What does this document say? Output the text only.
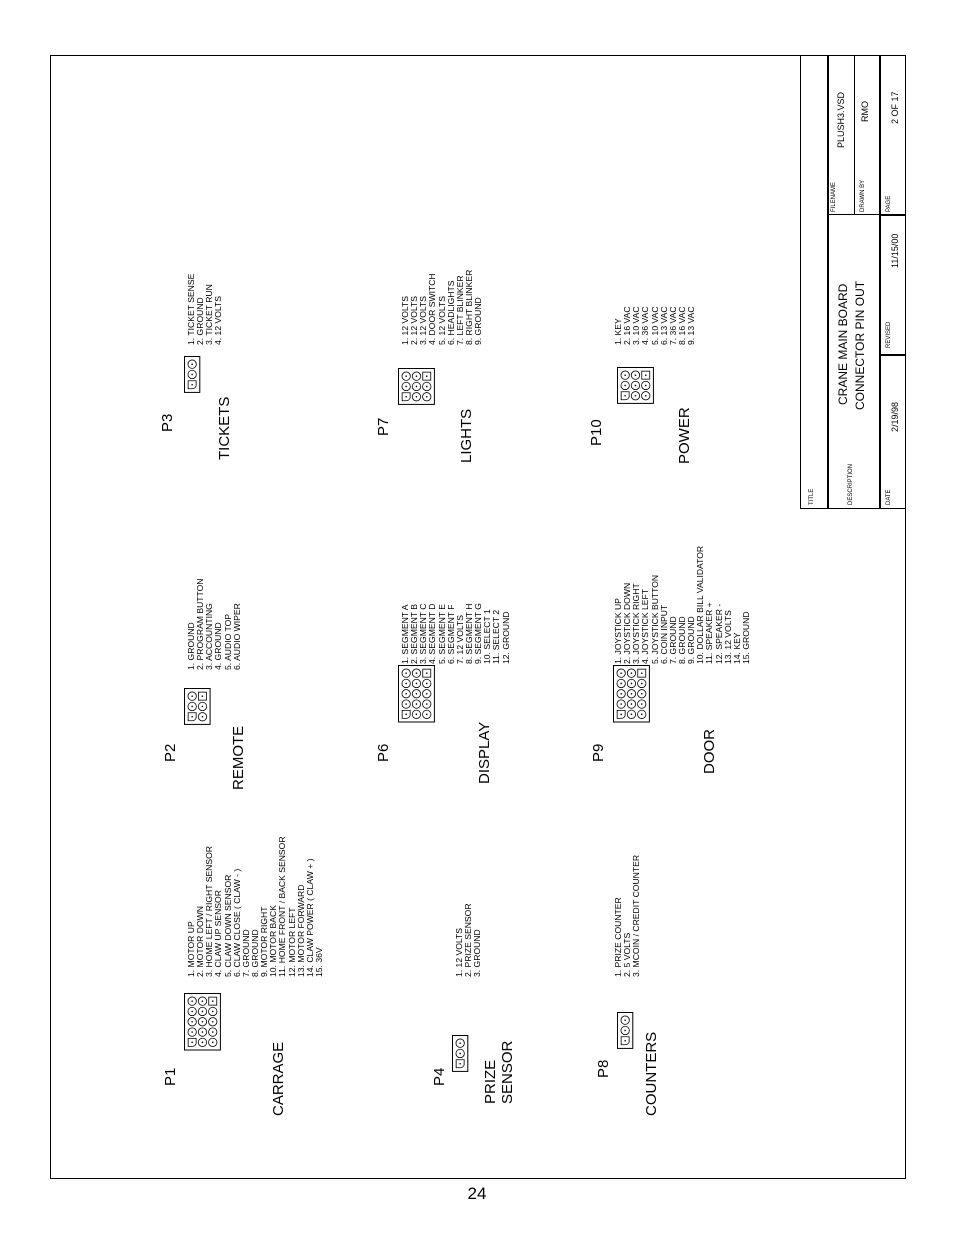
P1	CARRAGE
1. MOTOR UP 2. MOTOR DOWN 3. HOME LEFT / RIGHT SENSOR 4. CLAW UP SENSOR 5. CLAW DOWN SENSOR 6. CLAW CLOSE ( CLAW - ) 7. GROUND 8. GROUND 9. MOTOR RIGHT 10. MOTOR BACK 11. HOME FRONT / BACK SENSOR 12. MOTOR LEFT 13. MOTOR FORWARD 14. CLAW POWER ( CLAW + ) 15. 36V
P2	REMOTE
1. GROUND 2. PROGRAM BUTTON 3. ACCOUNTING 4. GROUND 5. AUDIO TOP 6. AUDIO WIPER
P3	TICKETS
1. TICKET SENSE 2. GROUND 3. TICKET RUN 4. 12 VOLTS
P4 PRIZE SENSOR
1. 12 VOLTS 2. PRIZE SENSOR 3. GROUND
P6	DISPLAY
1. SEGMENT A 2. SEGMENT B 3. SEGMENT C 4. SEGMENT D 5. SEGMENT E 6. SEGMENT F 7. 12 VOLTS 8. SEGMENT H 9. SEGMENT G 10. SELECT 1 11. SELECT 2 12. GROUND
P7	LIGHTS
1. 12 VOLTS 2. 12 VOLTS 3. 12 VOLTS 4. DOOR SWITCH 5. 12 VOLTS 6. HEADLIGHTS 7. LEFT BLINKER 8. RIGHT BLINKER 9. GROUND
P8 COUNTERS
1. PRIZE COUNTER 2. 5 VOLTS 3. MCOIN / CREDIT COUNTER
P9	DOOR
1. JOYSTICK UP 2. JOYSTICK DOWN 3. JOYSTICK RIGHT 4. JOYSTICK LEFT 5. JOYSTICK BUTTON 6. COIN INPUT 7. GROUND 8. GROUND 9. GROUND 10. DOLLAR BILL VALIDATOR 11. SPEAKER + 12. SPEAKER - 13. 12 VOLTS 14. KEY 15. GROUND
P10	POWER
1. KEY 2. 16 VAC 3. 10 VAC 4. 36 VAC 5. 10 VAC 6. 13 VAC 7. 36 VAC 8. 16 VAC 9. 13 VAC
TITLE	DESCRIPTION
CRANE MAIN BOARD CONNECTOR PIN OUT
DATE
2/19/98
REVISED
11/15/00
FILENAME
PLUSH3.VSD
DRAWN BY
RMO
PAGE
2 OF 17
24
